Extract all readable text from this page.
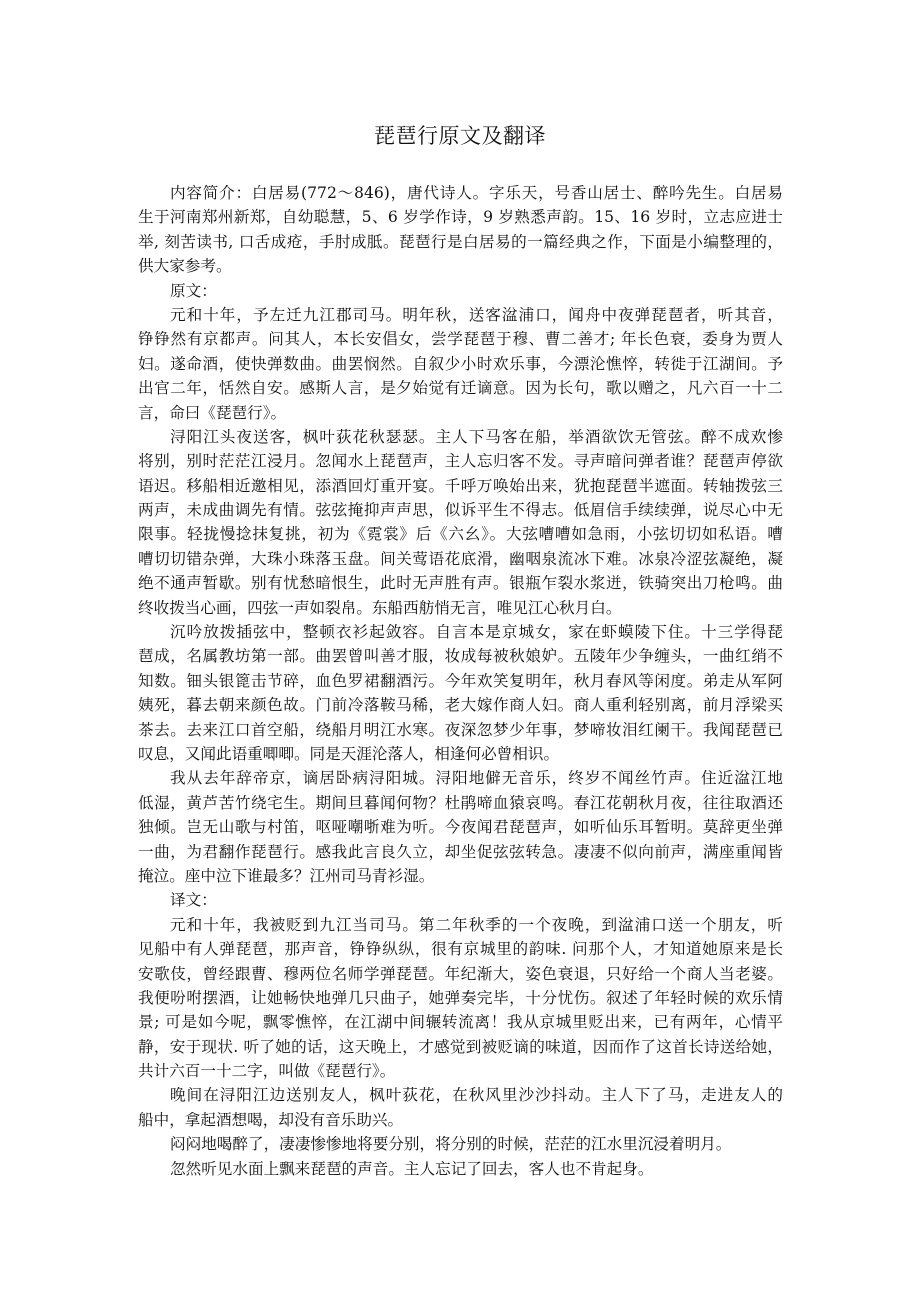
琵琶行原文及翻译
内容简介：白居易(772～846)，唐代诗人。字乐天，号香山居士、醉吟先生。白居易
生于河南郑州新郑，自幼聪慧，5、6 岁学作诗，9 岁熟悉声韵。15、16 岁时，立志应进士
举, 刻苦读书, 口舌成疮，手肘成胝。琵琶行是白居易的一篇经典之作，下面是小编整理的，
供大家参考。
原文：
元和十年，予左迁九江郡司马。明年秋，送客湓浦口，闻舟中夜弹琵琶者，听其音，
铮铮然有京都声。问其人，本长安倡女，尝学琵琶于穆、曹二善才; 年长色衰，委身为贾人
妇。遂命酒，使快弹数曲。曲罢悯然。自叙少小时欢乐事，今漂沦憔悴，转徙于江湖间。予
出官二年，恬然自安。感斯人言，是夕始觉有迁谪意。因为长句，歌以赠之，凡六百一十二
言，命曰《琵琶行》。
浔阳江头夜送客，枫叶荻花秋瑟瑟。主人下马客在船，举酒欲饮无管弦。醉不成欢惨
将别，别时茫茫江浸月。忽闻水上琵琶声，主人忘归客不发。寻声暗问弹者谁？琵琶声停欲
语迟。移船相近邀相见，添酒回灯重开宴。千呼万唤始出来，犹抱琵琶半遮面。转轴拨弦三
两声，未成曲调先有情。弦弦掩抑声声思，似诉平生不得志。低眉信手续续弹，说尽心中无
限事。轻拢慢捻抹复挑，初为《霓裳》后《六幺》。大弦嘈嘈如急雨，小弦切切如私语。嘈
嘈切切错杂弹，大珠小珠落玉盘。间关莺语花底滑，幽咽泉流冰下难。冰泉冷涩弦凝绝，凝
绝不通声暂歇。别有忧愁暗恨生，此时无声胜有声。银瓶乍裂水浆迸，铁骑突出刀枪鸣。曲
终收拨当心画，四弦一声如裂帛。东船西舫悄无言，唯见江心秋月白。
沉吟放拨插弦中，整顿衣衫起敛容。自言本是京城女，家在虾蟆陵下住。十三学得琵
琶成，名属教坊第一部。曲罢曾叫善才服，妆成每被秋娘妒。五陵年少争缠头，一曲红绡不
知数。钿头银篦击节碎，血色罗裙翻酒污。今年欢笑复明年，秋月春风等闲度。弟走从军阿
姨死，暮去朝来颜色故。门前冷落鞍马稀，老大嫁作商人妇。商人重利轻别离，前月浮梁买
茶去。去来江口首空船，绕船月明江水寒。夜深忽梦少年事，梦啼妆泪红阑干。我闻琵琶已
叹息，又闻此语重唧唧。同是天涯沦落人，相逢何必曾相识。
我从去年辞帝京，谪居卧病浔阳城。浔阳地僻无音乐，终岁不闻丝竹声。住近湓江地
低湿，黄芦苦竹绕宅生。期间旦暮闻何物？杜鹃啼血猿哀鸣。春江花朝秋月夜，往往取酒还
独倾。岂无山歌与村笛，呕哑嘲哳难为听。今夜闻君琵琶声，如听仙乐耳暂明。莫辞更坐弹
一曲，为君翻作琵琶行。感我此言良久立，却坐促弦弦转急。凄凄不似向前声，满座重闻皆
掩泣。座中泣下谁最多？江州司马青衫湿。
译文：
元和十年，我被贬到九江当司马。第二年秋季的一个夜晚，到湓浦口送一个朋友，听
见船中有人弹琵琶，那声音，铮铮纵纵，很有京城里的韵味. 问那个人，才知道她原来是长
安歌伎，曾经跟曹、穆两位名师学弹琵琶。年纪渐大，姿色衰退，只好给一个商人当老婆。
我便吩咐摆酒，让她畅快地弹几只曲子，她弹奏完毕，十分忧伤。叙述了年轻时候的欢乐情
景; 可是如今呢，飘零憔悴，在江湖中间辗转流离！我从京城里贬出来，已有两年，心情平
静，安于现状. 听了她的话，这天晚上，才感觉到被贬谪的味道，因而作了这首长诗送给她，
共计六百一十二字，叫做《琵琶行》。
晚间在浔阳江边送别友人，枫叶荻花，在秋风里沙沙抖动。主人下了马，走进友人的
船中，拿起酒想喝，却没有音乐助兴。
闷闷地喝醉了，凄凄惨惨地将要分别，将分别的时候，茫茫的江水里沉浸着明月。
忽然听见水面上飘来琵琶的声音。主人忘记了回去，客人也不肯起身。
